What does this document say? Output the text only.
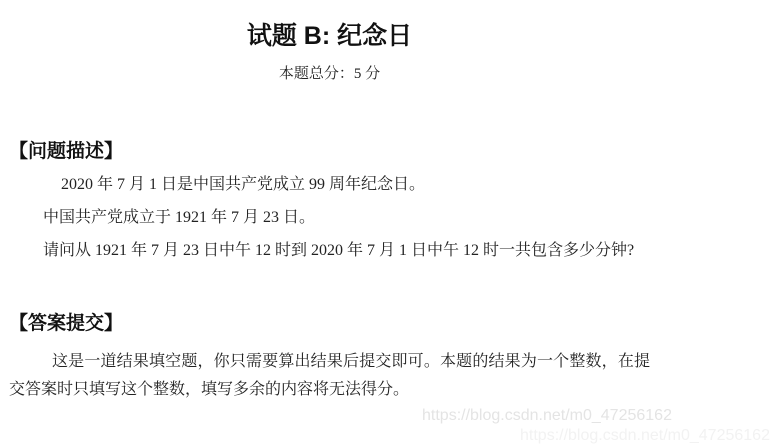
试题 B: 纪念日
本题总分：5 分
【问题描述】

2020 年 7 月 1 日是中国共产党成立 99 周年纪念日。

中国共产党成立于 1921 年 7 月 23 日。

请问从 1921 年 7 月 23 日中午 12 时到 2020 年 7 月 1 日中午 12 时一共包含多少分钟?

【答案提交】

这是一道结果填空题，你只需要算出结果后提交即可。本题的结果为一个整数，在提交答案时只填写这个整数，填写多余的内容将无法得分。

https://blog.csdn.net/m0_47256162
https://blog.csdn.net/m0_47256162
